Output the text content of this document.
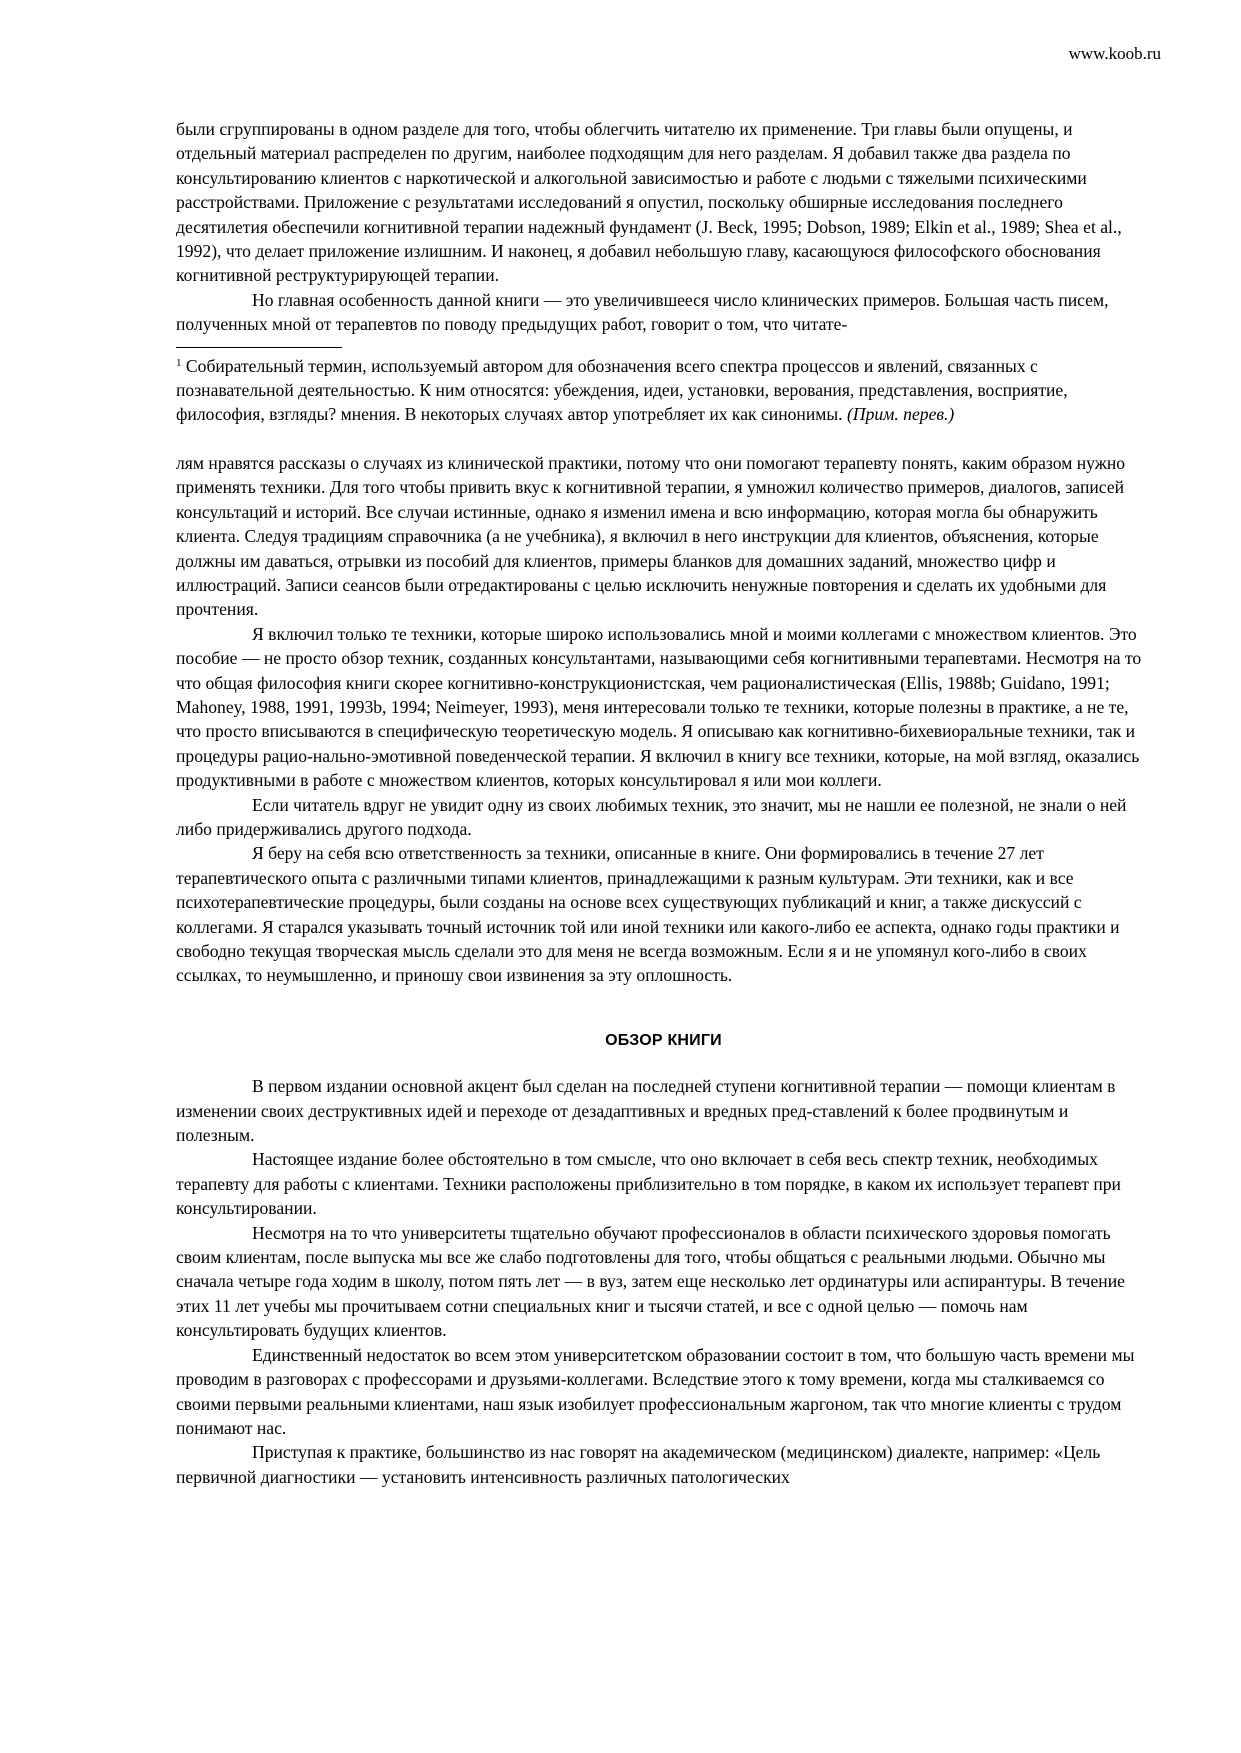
www.koob.ru

были сгруппированы в одном разделе для того, чтобы облегчить читателю их применение. Три главы были опущены, и отдельный материал распределен по другим, наиболее подходящим для него разделам. Я добавил также два раздела по консультированию клиентов с наркотической и алкогольной зависимостью и работе с людьми с тяжелыми психическими расстройствами. Приложение с результатами исследований я опустил, поскольку обширные исследования последнего десятилетия обеспечили когнитивной терапии надежный фундамент (J. Beck, 1995; Dobson, 1989; Elkin et al., 1989; Shea et al., 1992), что делает приложение излишним. И наконец, я добавил небольшую главу, касающуюся философского обоснования когнитивной реструктурирующей терапии.

Но главная особенность данной книги — это увеличившееся число клинических примеров. Большая часть писем, полученных мной от терапевтов по поводу предыдущих работ, говорит о том, что читате-

$^1$ Собирательный термин, используемый автором для обозначения всего спектра процессов и явлений, связанных с познавательной деятельностью. К ним относятся: убеждения, идеи, установки, верования, представления, восприятие, философия, взгляды? мнения. В некоторых случаях автор употребляет их как синонимы. (Прим. перев.)

лям нравятся рассказы о случаях из клинической практики, потому что они помогают терапевту понять, каким образом нужно применять техники. Для того чтобы привить вкус к когнитивной терапии, я умножил количество примеров, диалогов, записей консультаций и историй. Все случаи истинные, однако я изменил имена и всю информацию, которая могла бы обнаружить клиента. Следуя традициям справочника (а не учебника), я включил в него инструкции для клиентов, объяснения, которые должны им даваться, отрывки из пособий для клиентов, примеры бланков для домашних заданий, множество цифр и иллюстраций. Записи сеансов были отредактированы с целью исключить ненужные повторения и сделать их удобными для прочтения.

Я включил только те техники, которые широко использовались мной и моими коллегами с множеством клиентов. Это пособие — не просто обзор техник, созданных консультантами, называющими себя когнитивными терапевтами. Несмотря на то что общая философия книги скорее когнитивно-конструкционистская, чем рационалистическая (Ellis, 1988b; Guidano, 1991; Mahoney, 1988, 1991, 1993b, 1994; Neimeyer, 1993), меня интересовали только те техники, которые полезны в практике, а не те, что просто вписываются в специфическую теоретическую модель. Я описываю как когнитивно-бихевиоральные техники, так и процедуры рацио-нально-эмотивной поведенческой терапии. Я включил в книгу все техники, которые, на мой взгляд, оказались продуктивными в работе с множеством клиентов, которых консультировал я или мои коллеги.

Если читатель вдруг не увидит одну из своих любимых техник, это значит, мы не нашли ее полезной, не знали о ней либо придерживались другого подхода.

Я беру на себя всю ответственность за техники, описанные в книге. Они формировались в течение 27 лет терапевтического опыта с различными типами клиентов, принадлежащими к разным культурам. Эти техники, как и все психотерапевтические процедуры, были созданы на основе всех существующих публикаций и книг, а также дискуссий с коллегами. Я старался указывать точный источник той или иной техники или какого-либо ее аспекта, однако годы практики и свободно текущая творческая мысль сделали это для меня не всегда возможным. Если я и не упомянул кого-либо в своих ссылках, то неумышленно, и приношу свои извинения за эту оплошность.

ОБЗОР КНИГИ

В первом издании основной акцент был сделан на последней ступени когнитивной терапии — помощи клиентам в изменении своих деструктивных идей и переходе от дезадаптивных и вредных пред-ставлений к более продвинутым и полезным.

Настоящее издание более обстоятельно в том смысле, что оно включает в себя весь спектр техник, необходимых терапевту для работы с клиентами. Техники расположены приблизительно в том порядке, в каком их использует терапевт при консультировании.

Несмотря на то что университеты тщательно обучают профессионалов в области психического здоровья помогать своим клиентам, после выпуска мы все же слабо подготовлены для того, чтобы общаться с реальными людьми. Обычно мы сначала четыре года ходим в школу, потом пять лет — в вуз, затем еще несколько лет ординатуры или аспирантуры. В течение этих 11 лет учебы мы прочитываем сотни специальных книг и тысячи статей, и все с одной целью — помочь нам консультировать будущих клиентов.

Единственный недостаток во всем этом университетском образовании состоит в том, что большую часть времени мы проводим в разговорах с профессорами и друзьями-коллегами. Вследствие этого к тому времени, когда мы сталкиваемся со своими первыми реальными клиентами, наш язык изобилует профессиональным жаргоном, так что многие клиенты с трудом понимают нас.

Приступая к практике, большинство из нас говорят на академическом (медицинском) диалекте, например: «Цель первичной диагностики — установить интенсивность различных патологических
